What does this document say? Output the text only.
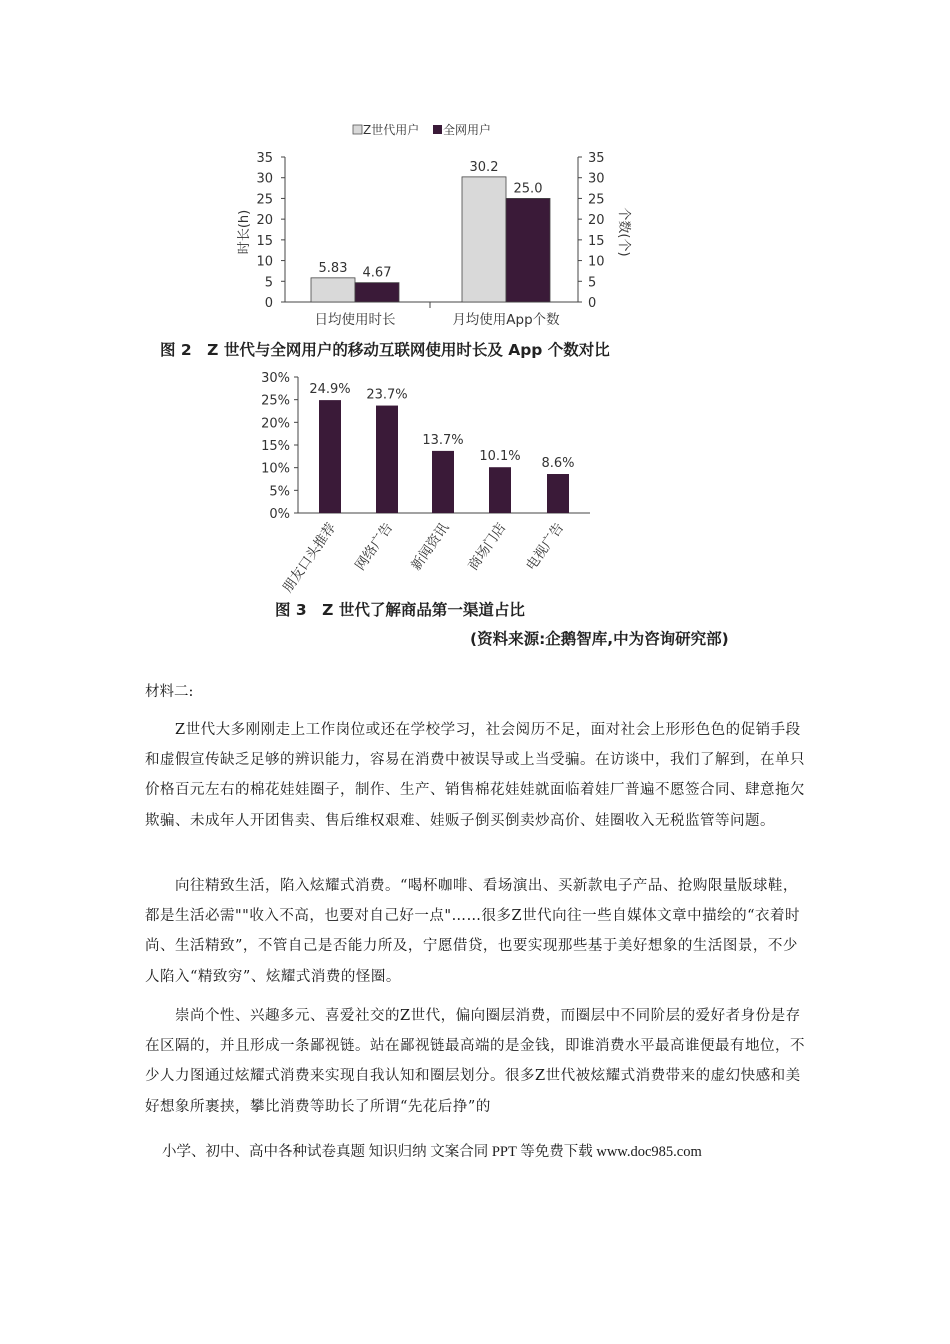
Z世代用户 全网用户
时长(h)	个数(个)
0	0
5	5
10	10
15	15
20	20
25	25
30	30
35	35
5.83 4.67
日均使用时长
30.2
25.0
月均使用App个数
图 2　Z 世代与全网用户的移动互联网使用时长及 App 个数对比
0%
5%
10%
15%
20%
25%
30%
24.9%
朋友口头推荐
23.7%
网络广告
13.7%
新闻资讯
10.1%
商场门店
8.6%
电视广告
图 3　Z 世代了解商品第一渠道占比
(资料来源:企鹅智库,中为咨询研究部)
材料二:

Z世代大多刚刚走上工作岗位或还在学校学习，社会阅历不足，面对社会上形形色色的促销手段和虚假宣传缺乏足够的辨识能力，容易在消费中被误导或上当受骗。在访谈中，我们了解到，在单只价格百元左右的棉花娃娃圈子，制作、生产、销售棉花娃娃就面临着娃厂普遍不愿签合同、肆意拖欠欺骗、未成年人开团售卖、售后维权艰难、娃贩子倒买倒卖炒高价、娃圈收入无税监管等问题。

向往精致生活，陷入炫耀式消费。“喝杯咖啡、看场演出、买新款电子产品、抢购限量版球鞋，都是生活必需""收入不高，也要对自己好一点"……很多Z世代向往一些自媒体文章中描绘的“衣着时尚、生活精致”，不管自己是否能力所及，宁愿借贷，也要实现那些基于美好想象的生活图景，不少人陷入“精致穷”、炫耀式消费的怪圈。

崇尚个性、兴趣多元、喜爱社交的Z世代，偏向圈层消费，而圈层中不同阶层的爱好者身份是存在区隔的，并且形成一条鄙视链。站在鄙视链最高端的是金钱，即谁消费水平最高谁便最有地位，不少人力图通过炫耀式消费来实现自我认知和圈层划分。很多Z世代被炫耀式消费带来的虚幻快感和美好想象所裹挟，攀比消费等助长了所谓“先花后挣”的

小学、初中、高中各种试卷真题 知识归纳 文案合同 PPT 等免费下载 www.doc985.com
